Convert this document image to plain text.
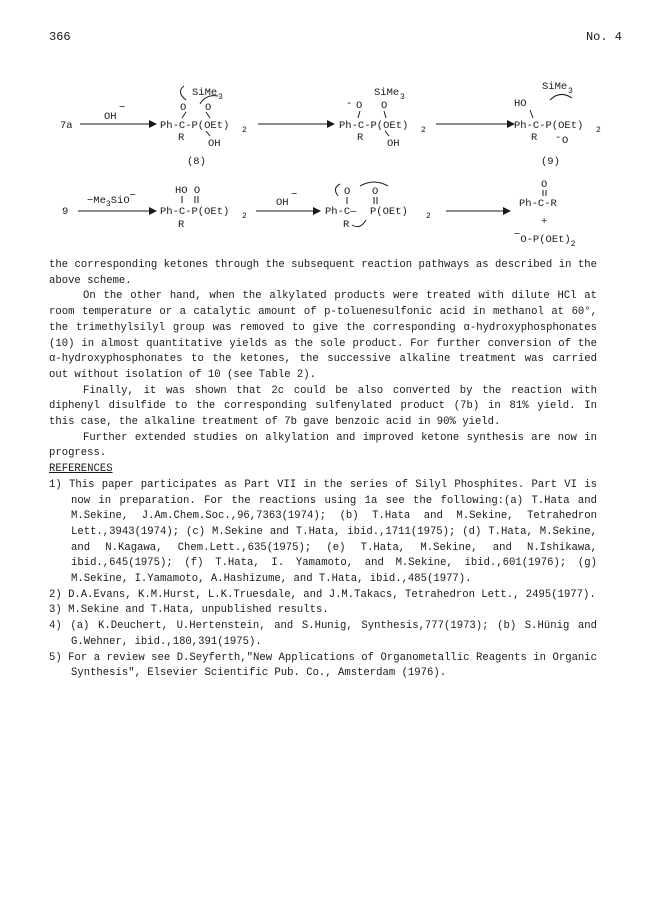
366	No. 4
7a
OH
−
SiMe 3
O O
Ph-C-P(OEt) 2
R OH
(8)
SiMe 3
- O O
Ph-C-P(OEt) 2
R OH
SiMe 3
HO
Ph-C-P(OEt) 2
R O
-
(9)
9
$-Me_3SiO-$	HO O
Ph-C-P(OEt) 2
R
OH
−	O O
Ph-C— P(OEt) 2
R
O
Ph-C-R
+
$-O-P(OEt)_2$

the corresponding ketones through the subsequent reaction pathways as described in the above scheme.

On the other hand, when the alkylated products were treated with dilute HCl at room temperature or a catalytic amount of p-toluenesulfonic acid in methanol at 60°, the trimethylsilyl group was removed to give the corresponding α-hydroxyphosphonates (10) in almost quantitative yields as the sole product. For further conversion of the α-hydroxyphosphonates to the ketones, the successive alkaline treatment was carried out without isolation of 10 (see Table 2).

Finally, it was shown that 2c could be also converted by the reaction with diphenyl disulfide to the corresponding sulfenylated product (7b) in 81% yield. In this case, the alkaline treatment of 7b gave benzoic acid in 90% yield.

Further extended studies on alkylation and improved ketone synthesis are now in progress.

REFERENCES

1) This paper participates as Part VII in the series of Silyl Phosphites. Part VI is now in preparation. For the reactions using 1a see the following:(a) T.Hata and M.Sekine, J.Am.Chem.Soc.,96,7363(1974); (b) T.Hata and M.Sekine, Tetrahedron Lett.,3943(1974); (c) M.Sekine and T.Hata, ibid.,1711(1975); (d) T.Hata, M.Sekine, and N.Kagawa, Chem.Lett.,635(1975); (e) T.Hata, M.Sekine, and N.Ishikawa, ibid.,645(1975); (f) T.Hata, I. Yamamoto, and M.Sekine, ibid.,601(1976); (g) M.Sekine, I.Yamamoto, A.Hashizume, and T.Hata, ibid.,485(1977).

2) D.A.Evans, K.M.Hurst, L.K.Truesdale, and J.M.Takacs, Tetrahedron Lett., 2495(1977).

3) M.Sekine and T.Hata, unpublished results.

4) (a) K.Deuchert, U.Hertenstein, and S.Hunig, Synthesis,777(1973); (b) S.Hünig and G.Wehner, ibid.,180,391(1975).

5) For a review see D.Seyferth,"New Applications of Organometallic Reagents in Organic Synthesis", Elsevier Scientific Pub. Co., Amsterdam (1976).
